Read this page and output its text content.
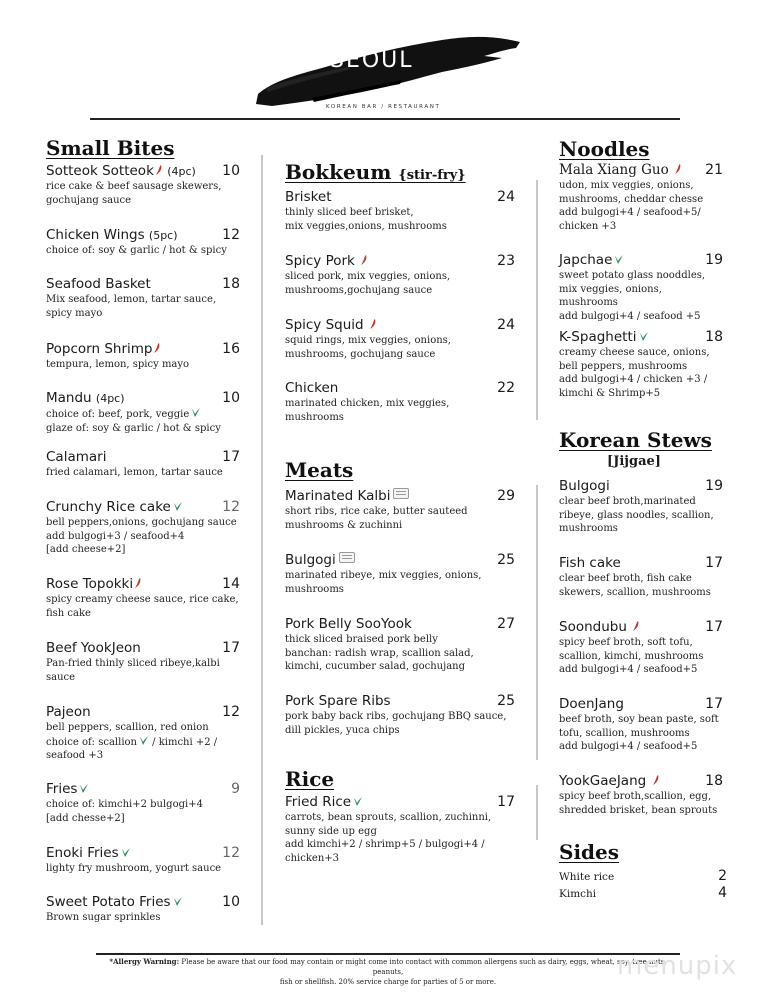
SEOUL
Bystro
KOREAN BAR / RESTAURANT
Small Bites
Sotteok Sotteok (4pc) 10
rice cake & beef sausage skewers,
gochujang sauce
Chicken Wings (5pc)	12
choice of: soy & garlic / hot & spicy
Seafood Basket	18
Mix seafood, lemon, tartar sauce,
spicy mayo
Popcorn Shrimp	16
tempura, lemon, spicy mayo
Mandu (4pc)	10
choice of: beef, pork, veggie
glaze of: soy & garlic / hot & spicy
Calamari	17
fried calamari, lemon, tartar sauce
Crunchy Rice cake	12
bell peppers,onions, gochujang sauce
add bulgogi+3 / seafood+4
[add cheese+2]
Rose Topokki	14
spicy creamy cheese sauce, rice cake,
fish cake
Beef YookJeon	17
Pan-fried thinly sliced ribeye,kalbi
sauce
Pajeon	12
bell peppers, scallion, red onion
choice of: scallion / kimchi +2 /
seafood +3
Fries	9
choice of: kimchi+2 bulgogi+4
[add chesse+2]
Enoki Fries	12
lighty fry mushroom, yogurt sauce
Sweet Potato Fries	10
Brown sugar sprinkles
Bokkeum {stir-fry}
Brisket	24
thinly sliced beef brisket,
mix veggies,onions, mushrooms
Spicy Pork	23
sliced pork, mix veggies, onions,
mushrooms,gochujang sauce
Spicy Squid	24
squid rings, mix veggies, onions,
mushrooms, gochujang sauce
Chicken	22
marinated chicken, mix veggies,
mushrooms
Meats
Marinated Kalbi	29
short ribs, rice cake, butter sauteed
mushrooms & zuchinni
Bulgogi	25
marinated ribeye, mix veggies, onions,
mushrooms
Pork Belly SooYook	27
thick sliced braised pork belly
banchan: radish wrap, scallion salad,
kimchi, cucumber salad, gochujang
Pork Spare Ribs	25
pork baby back ribs, gochujang BBQ sauce,
dill pickles, yuca chips
Rice
Fried Rice	17
carrots, bean sprouts, scallion, zuchinni,
sunny side up egg
add kimchi+2 / shrimp+5 / bulgogi+4 /
chicken+3
Noodles
Mala Xiang Guo	21
udon, mix veggies, onions,
mushrooms, cheddar chesse
add bulgogi+4 / seafood+5/
chicken +3
Japchae	19
sweet potato glass nooddles,
mix veggies, onions, mushrooms
add bulgogi+4 / seafood +5
K-Spaghetti	18
creamy cheese sauce, onions,
bell peppers, mushrooms
add bulgogi+4 / chicken +3 /
kimchi & Shrimp+5
Korean Stews
[Jijgae]
Bulgogi	19
clear beef broth,marinated
ribeye, glass noodles, scallion,
mushrooms
Fish cake	17
clear beef broth, fish cake
skewers, scallion, mushrooms
Soondubu	17
spicy beef broth, soft tofu,
scallion, kimchi, mushrooms
add bulgogi+4 / seafood+5
DoenJang	17
beef broth, soy bean paste, soft
tofu, scallion, mushrooms
add bulgogi+4 / seafood+5
YookGaeJang	18
spicy beef broth,scallion, egg,
shredded brisket, bean sprouts
Sides
White rice	2
Kimchi	4
*Allergy Warning: Please be aware that our food may contain or might come into contact with common allergens such as dairy, eggs, wheat, soy, tree nuts, peanuts,
fish or shellfish. 20% service charge for parties of 5 or more.
menupix
